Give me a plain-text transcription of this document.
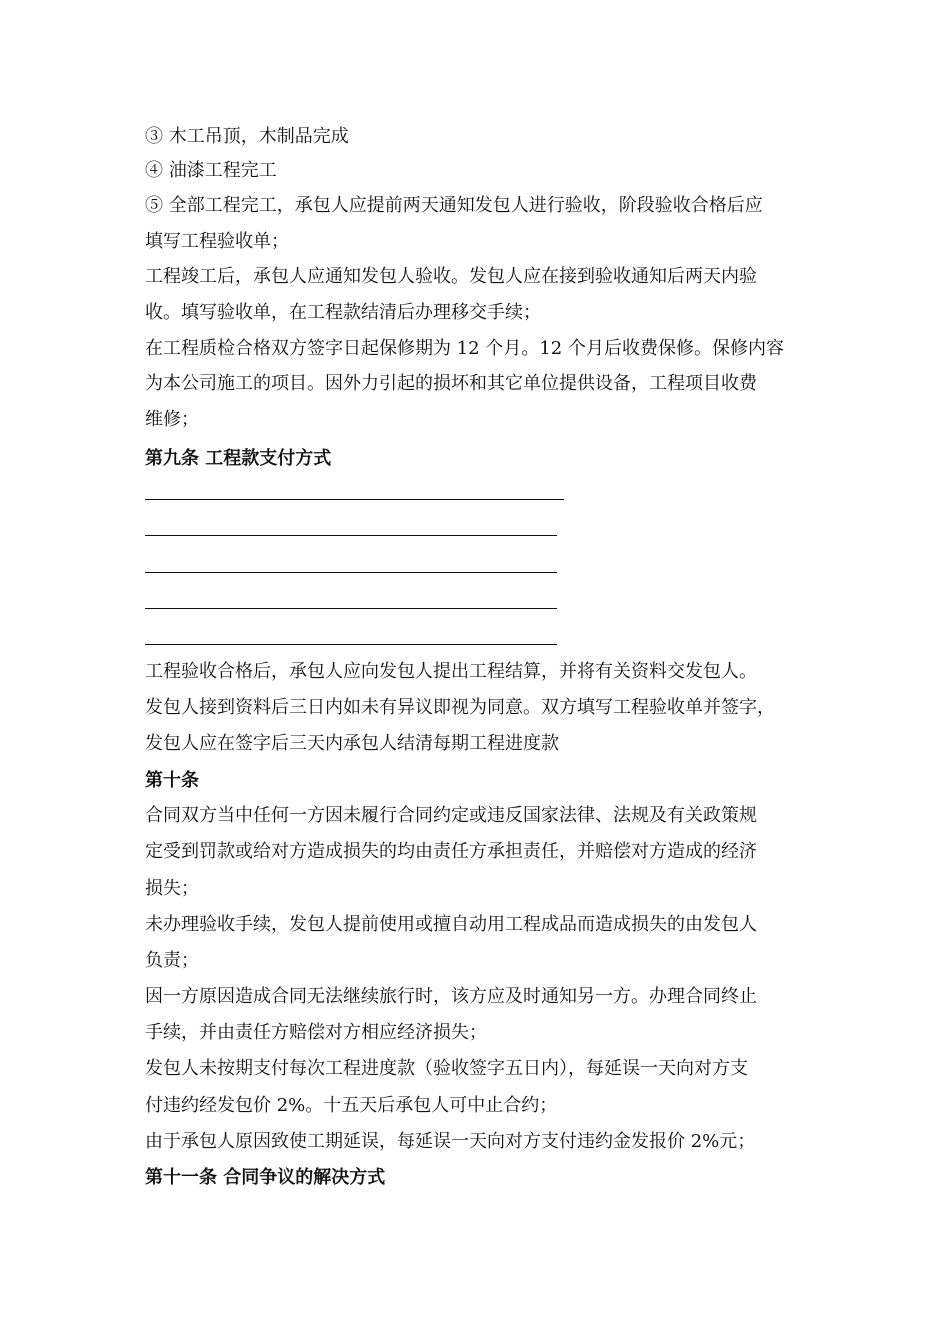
③ 木工吊顶，木制品完成

④ 油漆工程完工

⑤ 全部工程完工，承包人应提前两天通知发包人进行验收，阶段验收合格后应

填写工程验收单；

工程竣工后，承包人应通知发包人验收。发包人应在接到验收通知后两天内验

收。填写验收单，在工程款结清后办理移交手续；

在工程质检合格双方签字日起保修期为 12 个月。12 个月后收费保修。保修内容

为本公司施工的项目。因外力引起的损坏和其它单位提供设备，工程项目收费

维修；

第九条 工程款支付方式

工程验收合格后，承包人应向发包人提出工程结算，并将有关资料交发包人。

发包人接到资料后三日内如未有异议即视为同意。双方填写工程验收单并签字，

发包人应在签字后三天内承包人结清每期工程进度款

第十条

合同双方当中任何一方因未履行合同约定或违反国家法律、法规及有关政策规

定受到罚款或给对方造成损失的均由责任方承担责任，并赔偿对方造成的经济

损失；

未办理验收手续，发包人提前使用或擅自动用工程成品而造成损失的由发包人

负责；

因一方原因造成合同无法继续旅行时，该方应及时通知另一方。办理合同终止

手续，并由责任方赔偿对方相应经济损失；

发包人未按期支付每次工程进度款（验收签字五日内），每延误一天向对方支

付违约经发包价 2%。十五天后承包人可中止合约；

由于承包人原因致使工期延误，每延误一天向对方支付违约金发报价 2%元；

第十一条 合同争议的解决方式
